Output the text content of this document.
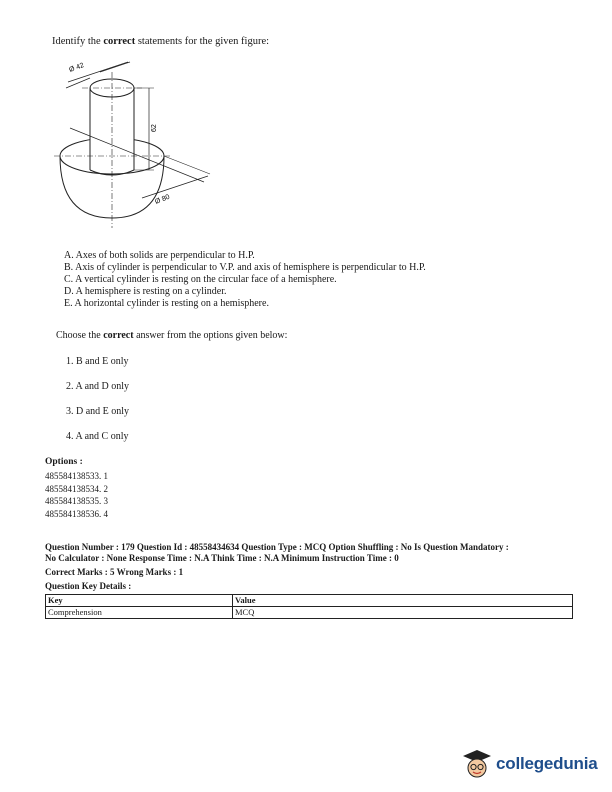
Identify the correct statements for the given figure:
Ø 42
62
Ø 80
A. Axes of both solids are perpendicular to H.P.
B. Axis of cylinder is perpendicular to V.P. and axis of hemisphere is perpendicular to H.P.
C. A vertical cylinder is resting on the circular face of a hemisphere.
D. A hemisphere is resting on a cylinder.
E. A horizontal cylinder is resting on a hemisphere.
Choose the correct answer from the options given below:
1. B and E only
2. A and D only
3. D and E only
4. A and C only
Options :
485584138533. 1
485584138534. 2
485584138535. 3
485584138536. 4
Question Number : 179 Question Id : 48558434634 Question Type : MCQ Option Shuffling : No Is Question Mandatory :
No Calculator : None Response Time : N.A Think Time : N.A Minimum Instruction Time : 0
Correct Marks : 5 Wrong Marks : 1
Question Key Details :
Key	Value
Comprehension	MCQ
collegedunia
